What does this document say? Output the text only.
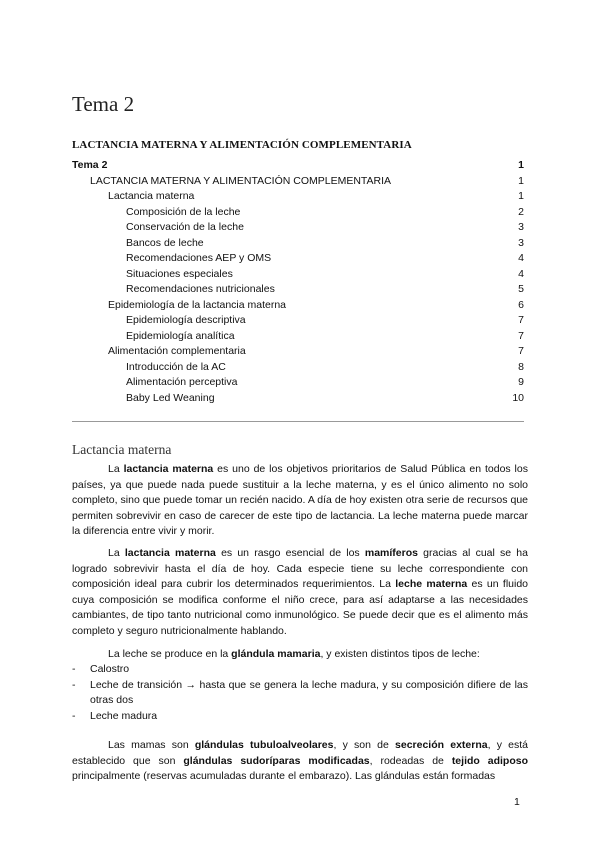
Tema 2
LACTANCIA MATERNA Y ALIMENTACIÓN COMPLEMENTARIA
Tema 2	1
LACTANCIA MATERNA Y ALIMENTACIÓN COMPLEMENTARIA	1
Lactancia materna	1
Composición de la leche	2
Conservación de la leche	3
Bancos de leche	3
Recomendaciones AEP y OMS	4
Situaciones especiales	4
Recomendaciones nutricionales	5
Epidemiología de la lactancia materna	6
Epidemiología descriptiva	7
Epidemiología analítica	7
Alimentación complementaria	7
Introducción de la AC	8
Alimentación perceptiva	9
Baby Led Weaning	10
Lactancia materna

La lactancia materna es uno de los objetivos prioritarios de Salud Pública en todos los países, ya que puede nada puede sustituir a la leche materna, y es el único alimento no solo completo, sino que puede tomar un recién nacido. A día de hoy existen otra serie de recursos que permiten sobrevivir en caso de carecer de este tipo de lactancia. La leche materna puede marcar la diferencia entre vivir y morir.

La lactancia materna es un rasgo esencial de los mamíferos gracias al cual se ha logrado sobrevivir hasta el día de hoy. Cada especie tiene su leche correspondiente con composición ideal para cubrir los determinados requerimientos. La leche materna es un fluido cuya composición se modifica conforme el niño crece, para así adaptarse a las necesidades cambiantes, de tipo tanto nutricional como inmunológico. Se puede decir que es el alimento más completo y seguro nutricionalmente hablando.

La leche se produce en la glándula mamaria, y existen distintos tipos de leche:

- Calostro
- Leche de transición → hasta que se genera la leche madura, y su composición difiere de las otras dos
- Leche madura

Las mamas son glándulas tubuloalveolares, y son de secreción externa, y está establecido que son glándulas sudoríparas modificadas, rodeadas de tejido adiposo principalmente (reservas acumuladas durante el embarazo). Las glándulas están formadas

1
